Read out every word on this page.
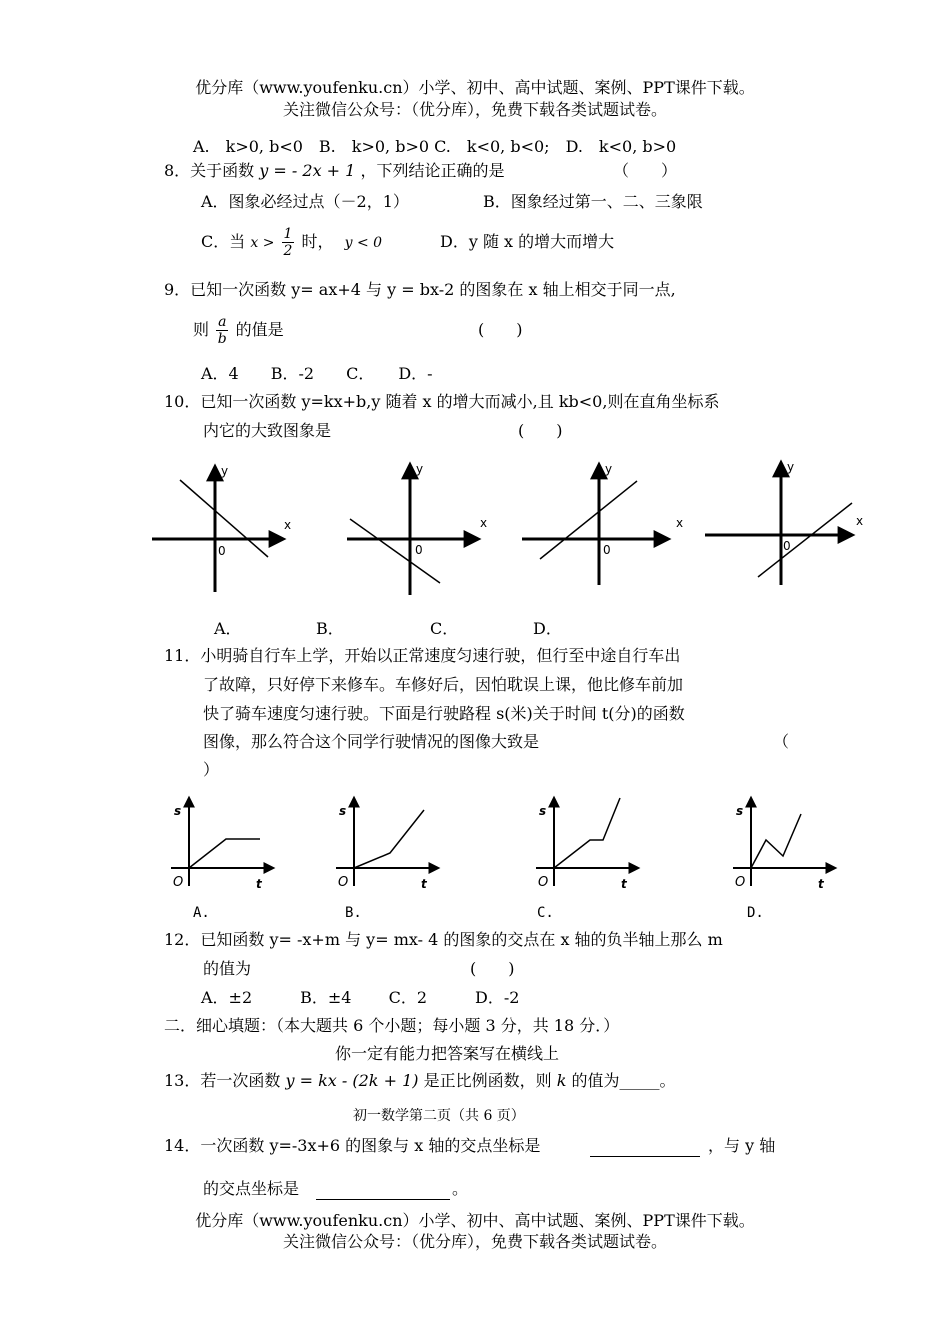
优分库（www.youfenku.cn）小学、初中、高中试题、案例、PPT课件下载。
关注微信公众号：（优分库），免费下载各类试题试卷。
A.　k>0, b<0　B.　k>0, b>0 C.　k<0, b<0;　D.　k<0, b>0
8．关于函数 y = - 2x + 1 ，下列结论正确的是	（　　）
A．图象必经过点（－2，1）	B．图象经过第一、二、三象限
C．当 $x > \frac{1}{2}$ 时， y < 0	D．y 随 x 的增大而增大
9．已知一次函数 y= ax+4 与 y = bx-2 的图象在 x 轴上相交于同一点,
则 $\frac{a}{b}$ 的值是	(　　)
A．4　　B．-2　　C．　　D．-
10．已知一次函数 y=kx+b,y 随着 x 的增大而减小,且 kb<0,则在直角坐标系
内它的大致图象是	(　　)
y
x
0
y
x
0
y
x
0
y
x
0
A．	B．	C．	D．
11．小明骑自行车上学，开始以正常速度匀速行驶，但行至中途自行车出
了故障，只好停下来修车。车修好后，因怕耽误上课，他比修车前加
快了骑车速度匀速行驶。下面是行驶路程 s(米)关于时间 t(分)的函数
图像，那么符合这个同学行驶情况的图像大致是	（
）
s
t
O
s
t
O
s
t
O
s
t
O
A.	B.	C.	D.
12．已知函数 y= -x+m 与 y= mx- 4 的图象的交点在 x 轴的负半轴上那么 m
的值为	(　　)
A．±2　　　B．±4　　 C．2　　　D．-2
二．细心填题：（本大题共 6 个小题；每小题 3 分，共 18 分．）
你一定有能力把答案写在横线上
13．若一次函数 y = kx - (2k + 1) 是正比例函数，则 k 的值为_____。
初一数学第二页（共 6 页）
14．一次函数 y=-3x+6 的图象与 x 轴的交点坐标是
	，与 y 轴
的交点坐标是
	。
优分库（www.youfenku.cn）小学、初中、高中试题、案例、PPT课件下载。
关注微信公众号：（优分库），免费下载各类试题试卷。
